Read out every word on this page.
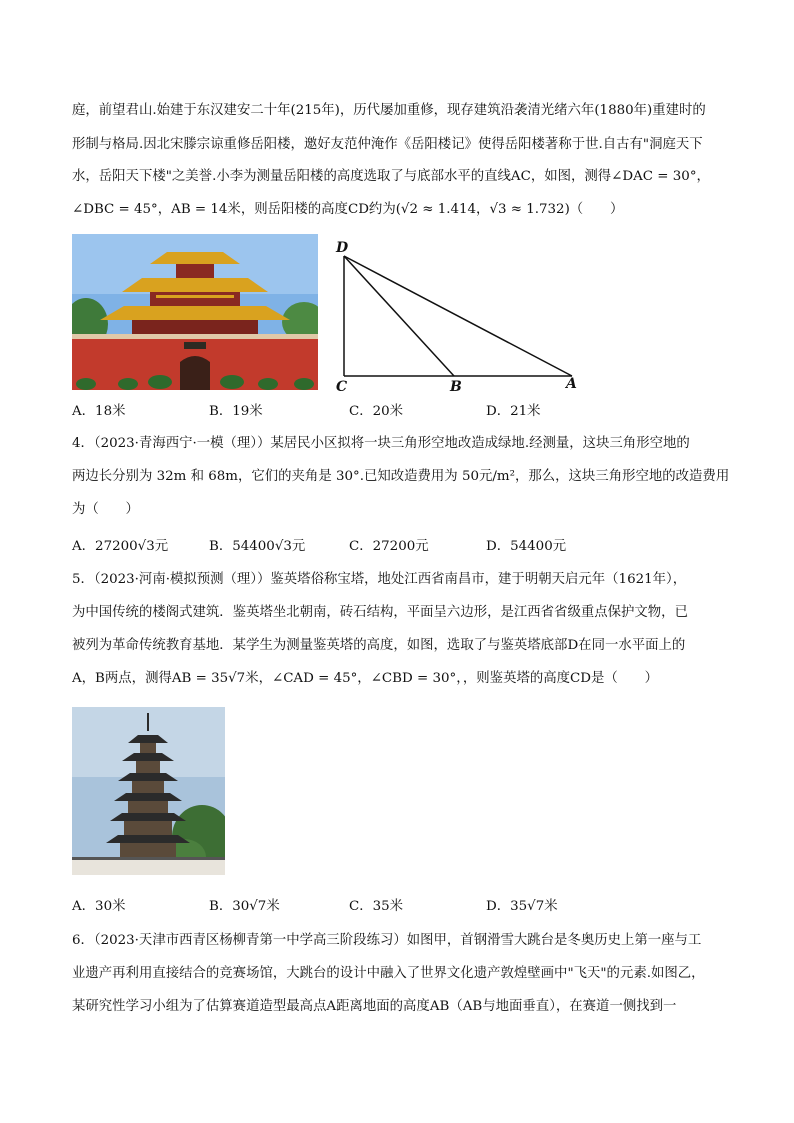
庭，前望君山.始建于东汉建安二十年(215年)，历代屡加重修，现存建筑沿袭清光绪六年(1880年)重建时的
形制与格局.因北宋滕宗谅重修岳阳楼，邀好友范仲淹作《岳阳楼记》使得岳阳楼著称于世.自古有"洞庭天下
水，岳阳天下楼"之美誉.小李为测量岳阳楼的高度选取了与底部水平的直线AC，如图，测得∠DAC = 30°，
∠DBC = 45°，AB = 14米，则岳阳楼的高度CD约为(√2 ≈ 1.414，√3 ≈ 1.732)（　　）
D
C	B	A
A．18米	B．19米	C．20米	D．21米
4．（2023·青海西宁·一模（理））某居民小区拟将一块三角形空地改造成绿地.经测量，这块三角形空地的
两边长分别为 32m 和 68m，它们的夹角是 30°.已知改造费用为 50元/m²，那么，这块三角形空地的改造费用
为（　　）
A．27200√3元	B．54400√3元	C．27200元	D．54400元
5．（2023·河南·模拟预测（理））鉴英塔俗称宝塔，地处江西省南昌市，建于明朝天启元年（1621年），
为中国传统的楼阁式建筑．鉴英塔坐北朝南，砖石结构，平面呈六边形，是江西省省级重点保护文物，已
被列为革命传统教育基地．某学生为测量鉴英塔的高度，如图，选取了与鉴英塔底部D在同一水平面上的
A，B两点，测得AB = 35√7米，∠CAD = 45°，∠CBD = 30°，，则鉴英塔的高度CD是（　　）
A．30米	B．30√7米	C．35米	D．35√7米
6．（2023·天津市西青区杨柳青第一中学高三阶段练习）如图甲，首钢滑雪大跳台是冬奥历史上第一座与工
业遗产再利用直接结合的竞赛场馆，大跳台的设计中融入了世界文化遗产敦煌壁画中"飞天"的元素.如图乙，
某研究性学习小组为了估算赛道造型最高点A距离地面的高度AB（AB与地面垂直），在赛道一侧找到一
